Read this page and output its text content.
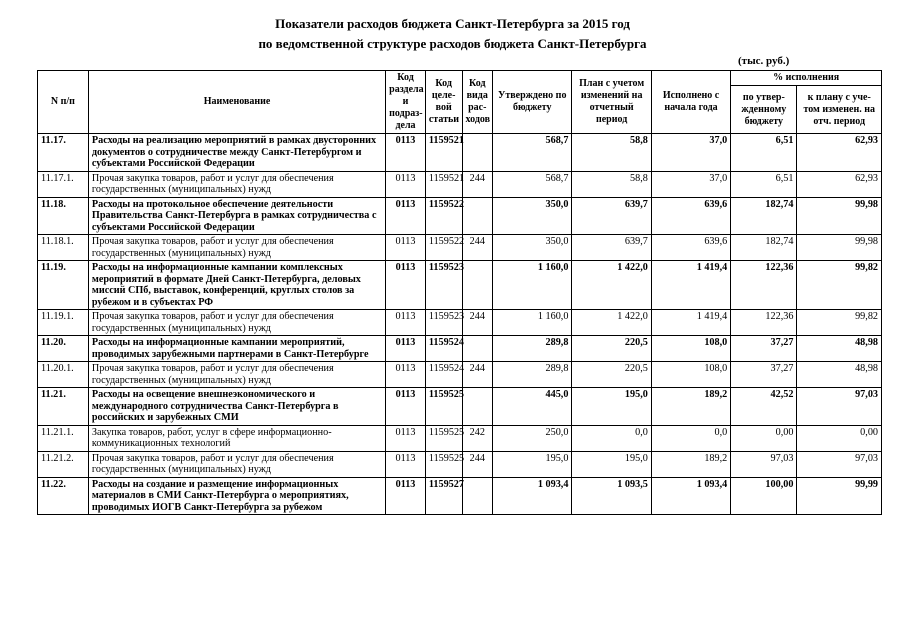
Показатели расходов бюджета Санкт-Петербурга за 2015 год
по ведомственной структуре расходов бюджета Санкт-Петербурга
(тыс. руб.)
N п/п	Наименование	Код раздела и подраз-дела	Код целе-вой статьи	Код вида рас-ходов	Утверждено по бюджету	План с учетом изменений на отчетный период	Исполнено с начала года	% исполнения	
								по утвер-жденному бюджету	к плану с уче-том изменен. на отч. период
11.17.	Расходы на реализацию мероприятий в рамках двусторонних документов о сотрудничестве между Санкт-Петербургом и субъектами Российской Федерации	0113	1159521		568,7	58,8	37,0	6,51	62,93
11.17.1.	Прочая закупка товаров, работ и услуг для обеспечения государственных (муниципальных) нужд	0113	1159521	244	568,7	58,8	37,0	6,51	62,93
11.18.	Расходы на протокольное обеспечение деятельности Правительства Санкт-Петербурга в рамках сотрудничества с субъектами Российской Федерации	0113	1159522		350,0	639,7	639,6	182,74	99,98
11.18.1.	Прочая закупка товаров, работ и услуг для обеспечения государственных (муниципальных) нужд	0113	1159522	244	350,0	639,7	639,6	182,74	99,98
11.19.	Расходы на информационные кампании комплексных мероприятий в формате Дней Санкт-Петербурга, деловых миссий СПб, выставок, конференций, круглых столов за рубежом и в субъектах РФ	0113	1159523		1 160,0	1 422,0	1 419,4	122,36	99,82
11.19.1.	Прочая закупка товаров, работ и услуг для обеспечения государственных (муниципальных) нужд	0113	1159523	244	1 160,0	1 422,0	1 419,4	122,36	99,82
11.20.	Расходы на информационные кампании мероприятий, проводимых зарубежными партнерами в Санкт-Петербурге	0113	1159524		289,8	220,5	108,0	37,27	48,98
11.20.1.	Прочая закупка товаров, работ и услуг для обеспечения государственных (муниципальных) нужд	0113	1159524	244	289,8	220,5	108,0	37,27	48,98
11.21.	Расходы на освещение внешнеэкономического и международного сотрудничества Санкт-Петербурга в российских и зарубежных СМИ	0113	1159525		445,0	195,0	189,2	42,52	97,03
11.21.1.	Закупка товаров, работ, услуг в сфере информационно-коммуникационных технологий	0113	1159525	242	250,0	0,0	0,0	0,00	0,00
11.21.2.	Прочая закупка товаров, работ и услуг для обеспечения государственных (муниципальных) нужд	0113	1159525	244	195,0	195,0	189,2	97,03	97,03
11.22.	Расходы на создание и размещение информационных материалов в СМИ Санкт-Петербурга о мероприятиях, проводимых ИОГВ Санкт-Петербурга за рубежом	0113	1159527		1 093,4	1 093,5	1 093,4	100,00	99,99
